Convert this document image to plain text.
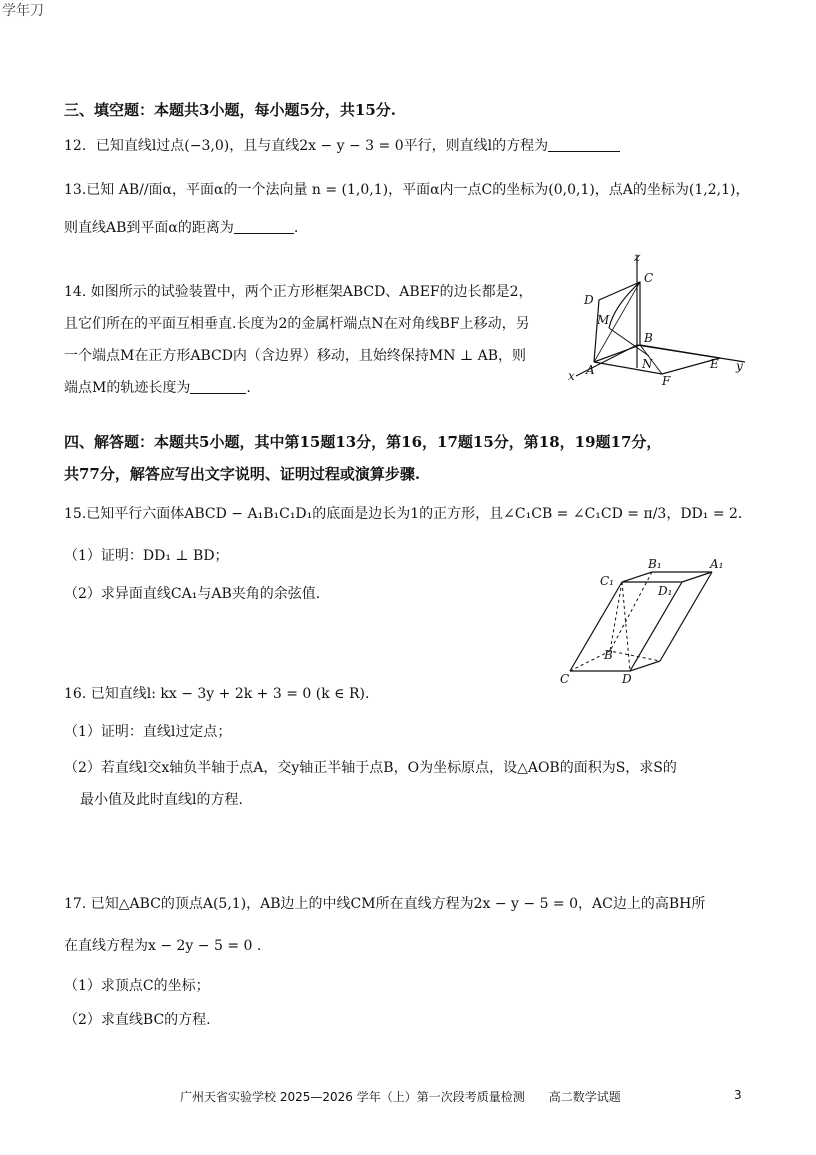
学年刀
三、填空题：本题共3小题，每小题5分，共15分.
12．已知直线l过点(−3,0)，且与直线2x − y − 3 = 0平行，则直线l的方程为
13.已知 AB//面α，平面α的一个法向量 n = (1,0,1)，平面α内一点C的坐标为(0,0,1)，点A的坐标为(1,2,1)，
则直线AB到平面α的距离为	.
14. 如图所示的试验装置中，两个正方形框架ABCD、ABEF的边长都是2，
且它们所在的平面互相垂直.长度为2的金属杆端点N在对角线BF上移动，另
一个端点M在正方形ABCD内（含边界）移动，且始终保持MN ⊥ AB，则
端点M的轨迹长度为	.
z
C
D
M
B
N	E y
x A
F
四、解答题：本题共5小题，其中第15题13分，第16，17题15分，第18，19题17分，
共77分，解答应写出文字说明、证明过程或演算步骤.
15.已知平行六面体ABCD − A₁B₁C₁D₁的底面是边长为1的正方形，且∠C₁CB = ∠C₁CD = π/3，DD₁ = 2．
（1）证明：DD₁ ⊥ BD；
（2）求异面直线CA₁与AB夹角的余弦值.
B₁	A₁
C₁
D₁
B
D
C
16. 已知直线l: kx − 3y + 2k + 3 = 0 (k ∈ R).
（1）证明：直线l过定点；
（2）若直线l交x轴负半轴于点A，交y轴正半轴于点B，O为坐标原点，设△AOB的面积为S，求S的
最小值及此时直线l的方程.
17. 已知△ABC的顶点A(5,1)，AB边上的中线CM所在直线方程为2x − y − 5 = 0，AC边上的高BH所
在直线方程为x − 2y − 5 = 0 .
（1）求顶点C的坐标；
（2）求直线BC的方程.
广州天省实验学校 2025—2026 学年（上）第一次段考质量检测　　高二数学试题	3
